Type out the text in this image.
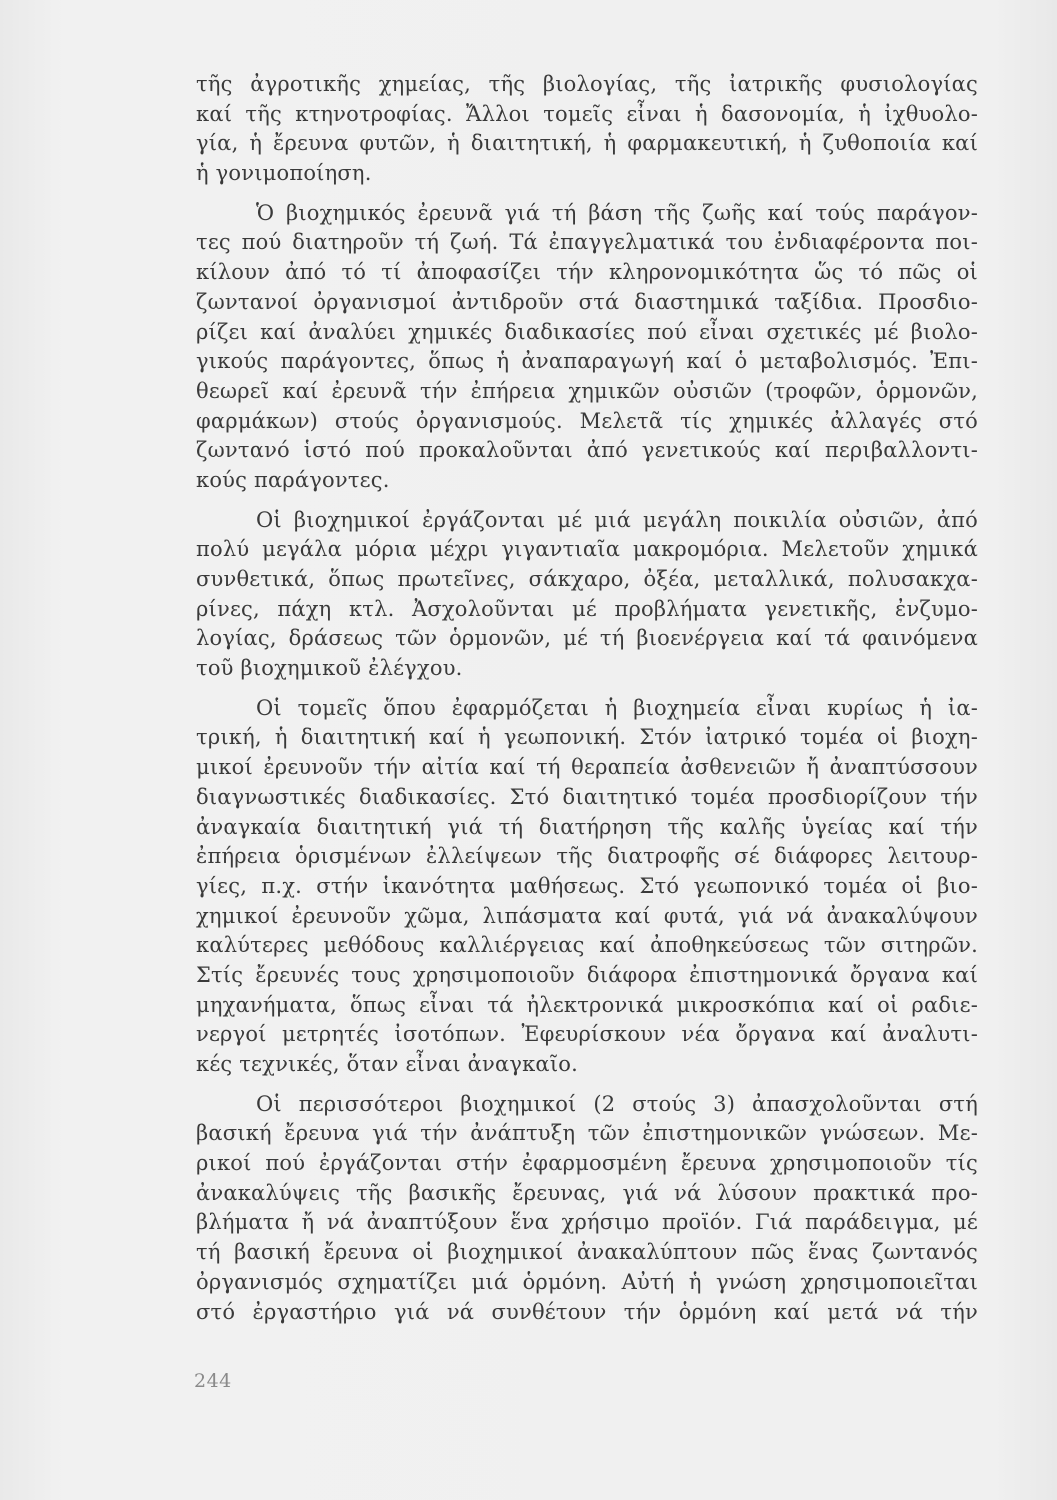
τῆς ἀγροτικῆς χημείας, τῆς βιολογίας, τῆς ἰατρικῆς φυσιολογίας
καί τῆς κτηνοτροφίας. Ἄλλοι τομεῖς εἶναι ἡ δασονομία, ἡ ἰχθυολο-
γία, ἡ ἔρευνα φυτῶν, ἡ διαιτητική, ἡ φαρμακευτική, ἡ ζυθοποιία καί
ἡ γονιμοποίηση.
Ὁ βιοχημικός ἐρευνᾶ γιά τή βάση τῆς ζωῆς καί τούς παράγον-
τες πού διατηροῦν τή ζωή. Τά ἐπαγγελματικά του ἐνδιαφέροντα ποι-
κίλουν ἀπό τό τί ἀποφασίζει τήν κληρονομικότητα ὥς τό πῶς οἱ
ζωντανοί ὀργανισμοί ἀντιδροῦν στά διαστημικά ταξίδια. Προσδιο-
ρίζει καί ἀναλύει χημικές διαδικασίες πού εἶναι σχετικές μέ βιολο-
γικούς παράγοντες, ὅπως ἡ ἀναπαραγωγή καί ὁ μεταβολισμός. Ἐπι-
θεωρεῖ καί ἐρευνᾶ τήν ἐπήρεια χημικῶν οὐσιῶν (τροφῶν, ὁρμονῶν,
φαρμάκων) στούς ὀργανισμούς. Μελετᾶ τίς χημικές ἀλλαγές στό
ζωντανό ἱστό πού προκαλοῦνται ἀπό γενετικούς καί περιβαλλοντι-
κούς παράγοντες.
Οἱ βιοχημικοί ἐργάζονται μέ μιά μεγάλη ποικιλία οὐσιῶν, ἀπό
πολύ μεγάλα μόρια μέχρι γιγαντιαῖα μακρομόρια. Μελετοῦν χημικά
συνθετικά, ὅπως πρωτεῖνες, σάκχαρο, ὀξέα, μεταλλικά, πολυσακχα-
ρίνες, πάχη κτλ. Ἀσχολοῦνται μέ προβλήματα γενετικῆς, ἐνζυμο-
λογίας, δράσεως τῶν ὁρμονῶν, μέ τή βιοενέργεια καί τά φαινόμενα
τοῦ βιοχημικοῦ ἐλέγχου.
Οἱ τομεῖς ὅπου ἐφαρμόζεται ἡ βιοχημεία εἶναι κυρίως ἡ ἰα-
τρική, ἡ διαιτητική καί ἡ γεωπονική. Στόν ἰατρικό τομέα οἱ βιοχη-
μικοί ἐρευνοῦν τήν αἰτία καί τή θεραπεία ἀσθενειῶν ἤ ἀναπτύσσουν
διαγνωστικές διαδικασίες. Στό διαιτητικό τομέα προσδιορίζουν τήν
ἀναγκαία διαιτητική γιά τή διατήρηση τῆς καλῆς ὑγείας καί τήν
ἐπήρεια ὁρισμένων ἐλλείψεων τῆς διατροφῆς σέ διάφορες λειτουρ-
γίες, π.χ. στήν ἱκανότητα μαθήσεως. Στό γεωπονικό τομέα οἱ βιο-
χημικοί ἐρευνοῦν χῶμα, λιπάσματα καί φυτά, γιά νά ἀνακαλύψουν
καλύτερες μεθόδους καλλιέργειας καί ἀποθηκεύσεως τῶν σιτηρῶν.
Στίς ἔρευνές τους χρησιμοποιοῦν διάφορα ἐπιστημονικά ὄργανα καί
μηχανήματα, ὅπως εἶναι τά ἠλεκτρονικά μικροσκόπια καί οἱ ραδιε-
νεργοί μετρητές ἰσοτόπων. Ἐφευρίσκουν νέα ὄργανα καί ἀναλυτι-
κές τεχνικές, ὅταν εἶναι ἀναγκαῖο.
Οἱ περισσότεροι βιοχημικοί (2 στούς 3) ἀπασχολοῦνται στή
βασική ἔρευνα γιά τήν ἀνάπτυξη τῶν ἐπιστημονικῶν γνώσεων. Με-
ρικοί πού ἐργάζονται στήν ἐφαρμοσμένη ἔρευνα χρησιμοποιοῦν τίς
ἀνακαλύψεις τῆς βασικῆς ἔρευνας, γιά νά λύσουν πρακτικά προ-
βλήματα ἤ νά ἀναπτύξουν ἕνα χρήσιμο προϊόν. Γιά παράδειγμα, μέ
τή βασική ἔρευνα οἱ βιοχημικοί ἀνακαλύπτουν πῶς ἕνας ζωντανός
ὀργανισμός σχηματίζει μιά ὁρμόνη. Αὐτή ἡ γνώση χρησιμοποιεῖται
στό ἐργαστήριο γιά νά συνθέτουν τήν ὁρμόνη καί μετά νά τήν
244
